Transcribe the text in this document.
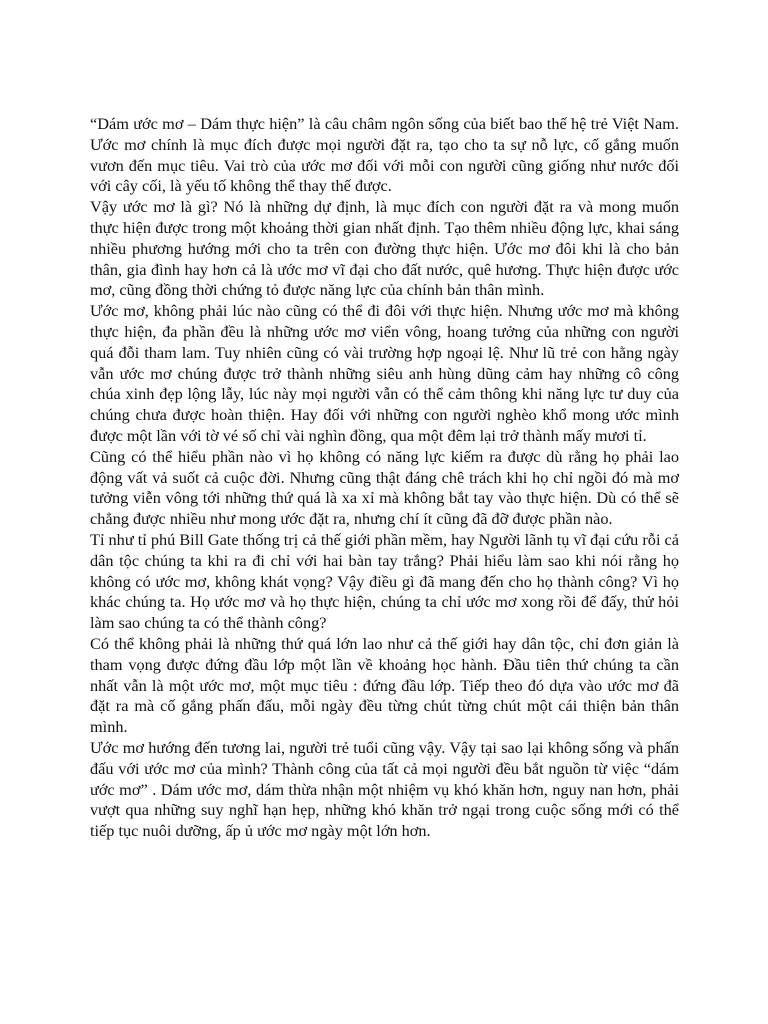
“Dám ước mơ – Dám thực hiện” là câu châm ngôn sống của biết bao thế hệ trẻ Việt Nam. Ước mơ chính là mục đích được mọi người đặt ra, tạo cho ta sự nỗ lực, cố gắng muốn vươn đến mục tiêu. Vai trò của ước mơ đối với mỗi con người cũng giống như nước đối với cây cối, là yếu tố không thể thay thế được.

Vậy ước mơ là gì? Nó là những dự định, là mục đích con người đặt ra và mong muốn thực hiện được trong một khoảng thời gian nhất định. Tạo thêm nhiều động lực, khai sáng nhiều phương hướng mới cho ta trên con đường thực hiện. Ước mơ đôi khi là cho bản thân, gia đình hay hơn cả là ước mơ vĩ đại cho đất nước, quê hương. Thực hiện được ước mơ, cũng đồng thời chứng tỏ được năng lực của chính bản thân mình.

Ước mơ, không phải lúc nào cũng có thể đi đôi với thực hiện. Nhưng ước mơ mà không thực hiện, đa phần đều là những ước mơ viển vông, hoang tưởng của những con người quá đỗi tham lam. Tuy nhiên cũng có vài trường hợp ngoại lệ. Như lũ trẻ con hằng ngày vẫn ước mơ chúng được trở thành những siêu anh hùng dũng cảm hay những cô công chúa xinh đẹp lộng lẫy, lúc này mọi người vẫn có thể cảm thông khi năng lực tư duy của chúng chưa được hoàn thiện. Hay đối với những con người nghèo khổ mong ước mình được một lần với tờ vé số chỉ vài nghìn đồng, qua một đêm lại trở thành mấy mươi tỉ.

Cũng có thể hiểu phần nào vì họ không có năng lực kiếm ra được dù rằng họ phải lao động vất vả suốt cả cuộc đời. Nhưng cũng thật đáng chê trách khi họ chỉ ngồi đó mà mơ tưởng viễn vông tới những thứ quá là xa xỉ mà không bắt tay vào thực hiện. Dù có thể sẽ chẳng được nhiều như mong ước đặt ra, nhưng chí ít cũng đã đỡ được phần nào.

Tỉ như tỉ phú Bill Gate thống trị cả thế giới phần mềm, hay Người lãnh tụ vĩ đại cứu rỗi cả dân tộc chúng ta khi ra đi chỉ với hai bàn tay trắng? Phải hiểu làm sao khi nói rằng họ không có ước mơ, không khát vọng? Vậy điều gì đã mang đến cho họ thành công? Vì họ khác chúng ta. Họ ước mơ và họ thực hiện, chúng ta chỉ ước mơ xong rồi để đấy, thử hỏi làm sao chúng ta có thể thành công?

Có thể không phải là những thứ quá lớn lao như cả thế giới hay dân tộc, chỉ đơn giản là tham vọng được đứng đầu lớp một lần về khoảng học hành. Đầu tiên thứ chúng ta cần nhất vẫn là một ước mơ, một mục tiêu : đứng đầu lớp. Tiếp theo đó dựa vào ước mơ đã đặt ra mà cố gắng phấn đấu, mỗi ngày đều từng chút từng chút một cái thiện bản thân mình.

Ước mơ hướng đến tương lai, người trẻ tuổi cũng vậy. Vậy tại sao lại không sống và phấn đấu với ước mơ của mình? Thành công của tất cả mọi người đều bắt nguồn từ việc “dám ước mơ” . Dám ước mơ, dám thừa nhận một nhiệm vụ khó khăn hơn, nguy nan hơn, phải vượt qua những suy nghĩ hạn hẹp, những khó khăn trở ngại trong cuộc sống mới có thể tiếp tục nuôi dưỡng, ấp ủ ước mơ ngày một lớn hơn.
